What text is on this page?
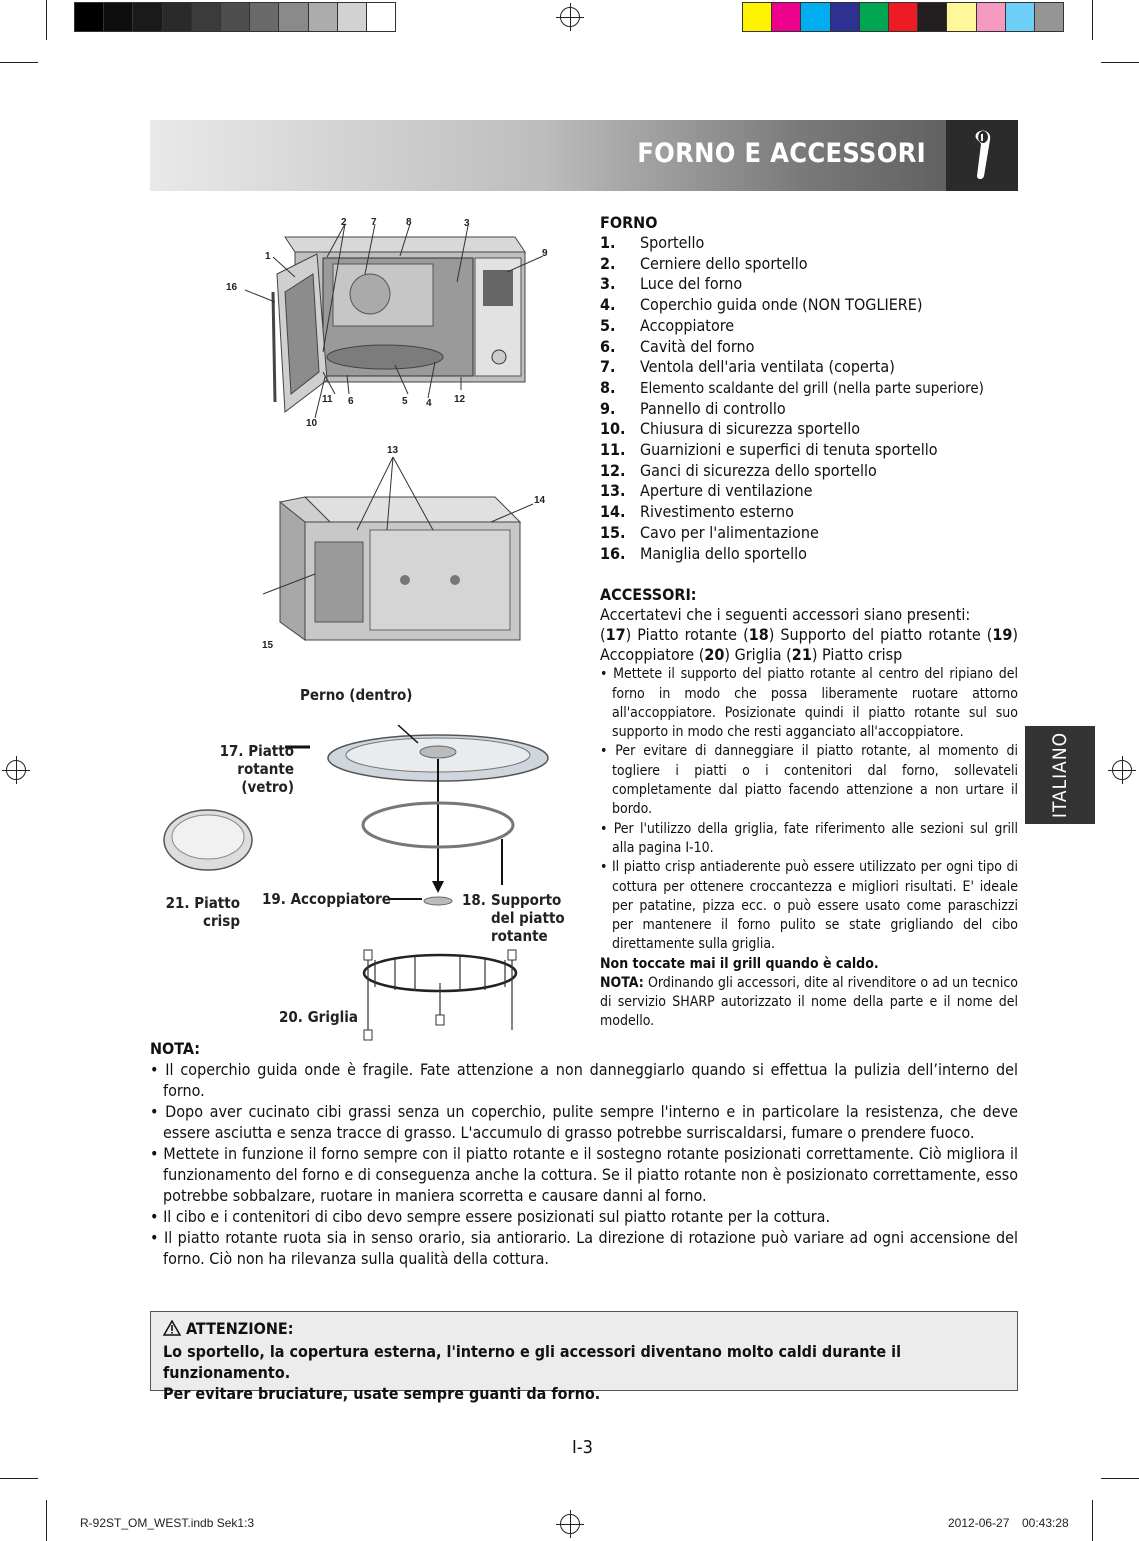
FORNO E ACCESSORI
ITALIANO
1
2 7	8	3
9
16
11 6	5 4 12
10
13
14
15
Perno (dentro)
17. Piatto rotante
(vetro)
21. Piatto
crisp
19. Accoppiatore	18. Supporto
del piatto
rotante
20. Griglia
FORNO
1.	Sportello
2.	Cerniere dello sportello
3.	Luce del forno
4.	Coperchio guida onde (NON TOGLIERE)
5.	Accoppiatore
6.	Cavità del forno
7.	Ventola dell'aria ventilata (coperta)
8.	Elemento scaldante del grill (nella parte superiore)
9.	Pannello di controllo
10. Chiusura di sicurezza sportello
11. Guarnizioni e superfici di tenuta sportello
12. Ganci di sicurezza dello sportello
13. Aperture di ventilazione
14. Rivestimento esterno
15. Cavo per l'alimentazione
16. Maniglia dello sportello
ACCESSORI:
Accertatevi che i seguenti accessori siano presenti:
(17) Piatto rotante (18) Supporto del piatto rotante (19) Accoppiatore (20) Griglia (21) Piatto crisp
• Mettete il supporto del piatto rotante al centro del ripiano del forno in modo che possa liberamente ruotare attorno all'accoppiatore. Posizionate quindi il piatto rotante sul suo supporto in modo che resti agganciato all'accoppiatore.
• Per evitare di danneggiare il piatto rotante, al momento di togliere i piatti o i contenitori dal forno, sollevateli completamente dal piatto facendo attenzione a non urtare il bordo.
• Per l'utilizzo della griglia, fate riferimento alle sezioni sul grill alla pagina I-10.
• Il piatto crisp antiaderente può essere utilizzato per ogni tipo di cottura per ottenere croccantezza e migliori risultati. E' ideale per patatine, pizza ecc. o può essere usato come paraschizzi per mantenere il forno pulito se state grigliando del cibo direttamente sulla griglia.
Non toccate mai il grill quando è caldo.
NOTA: Ordinando gli accessori, dite al rivenditore o ad un tecnico di servizio SHARP autorizzato il nome della parte e il nome del modello.
NOTA:
• Il coperchio guida onde è fragile. Fate attenzione a non danneggiarlo quando si effettua la pulizia dell’interno del forno.
• Dopo aver cucinato cibi grassi senza un coperchio, pulite sempre l'interno e in particolare la resistenza, che deve essere asciutta e senza tracce di grasso. L'accumulo di grasso potrebbe surriscaldarsi, fumare o prendere fuoco.
• Mettete in funzione il forno sempre con il piatto rotante e il sostegno rotante posizionati correttamente. Ciò migliora il funzionamento del forno e di conseguenza anche la cottura. Se il piatto rotante non è posizionato correttamente, esso potrebbe sobbalzare, ruotare in maniera scorretta e causare danni al forno.
• Il cibo e i contenitori di cibo devo sempre essere posizionati sul piatto rotante per la cottura.
• Il piatto rotante ruota sia in senso orario, sia antiorario. La direzione di rotazione può variare ad ogni accensione del forno. Ciò non ha rilevanza sulla qualità della cottura.
ATTENZIONE:
Lo sportello, la copertura esterna, l'interno e gli accessori diventano molto caldi durante il funzionamento.
Per evitare bruciature, usate sempre guanti da forno.
I-3
R-92ST_OM_WEST.indb Sek1:3	2012-06-27 00:43:28
